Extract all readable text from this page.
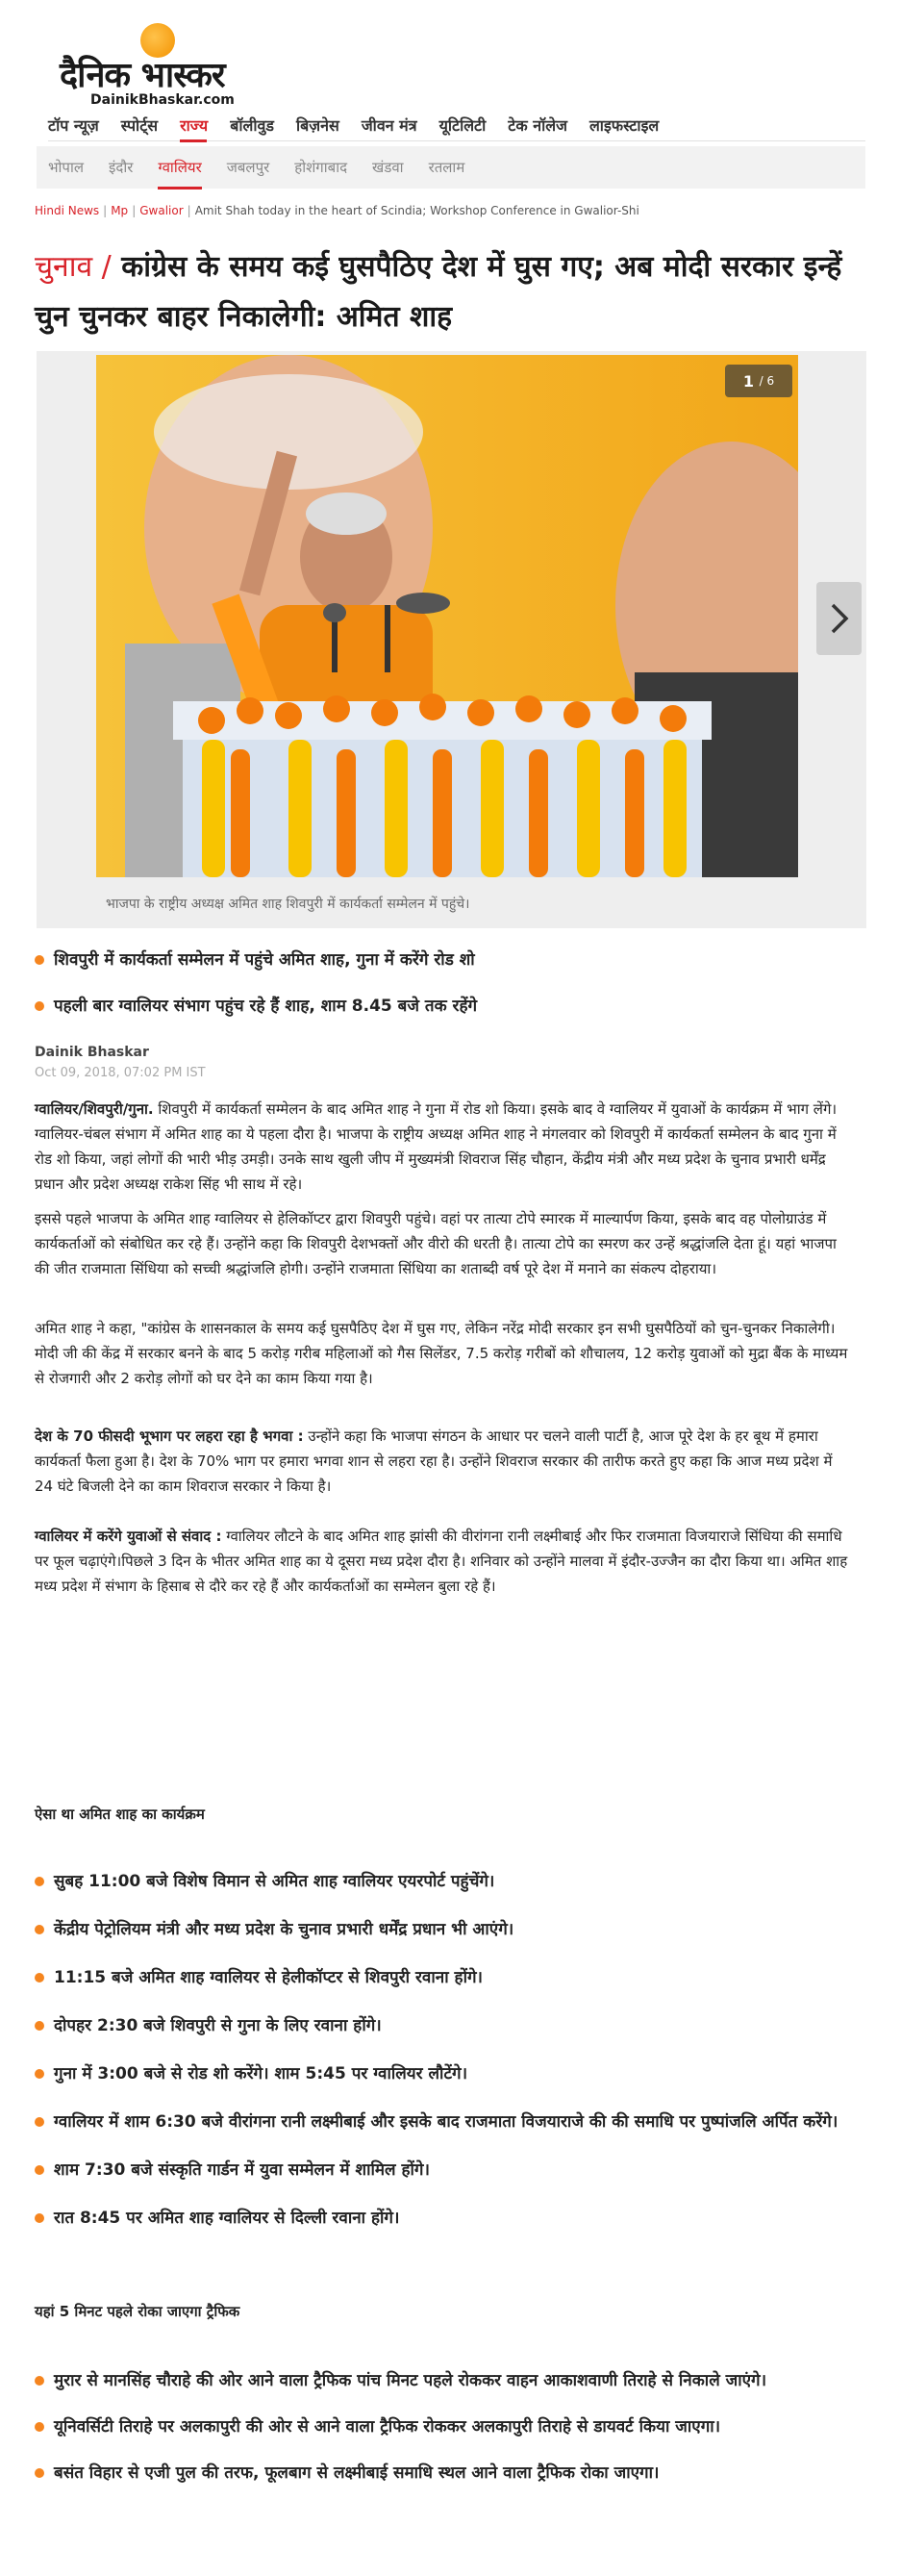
दैनिक भास्कर
DainikBhaskar.com
टॉप न्यूज़	स्पोर्ट्स	राज्य	बॉलीवुड	बिज़नेस	जीवन मंत्र	यूटिलिटी	टेक नॉलेज	लाइफस्टाइल
भोपाल इंदौर ग्वालियर जबलपुर होशंगाबाद खंडवा रतलाम
Hindi News | Mp | Gwalior | Amit Shah today in the heart of Scindia; Workshop Conference in Gwalior-Shi
चुनाव / कांग्रेस के समय कई घुसपैठिए देश में घुस गए; अब मोदी सरकार इन्हें चुन चुनकर बाहर निकालेगी: अमित शाह
1
/ 6
भाजपा के राष्ट्रीय अध्यक्ष अमित शाह शिवपुरी में कार्यकर्ता सम्मेलन में पहुंचे।
शिवपुरी में कार्यकर्ता सम्मेलन में पहुंचे अमित शाह, गुना में करेंगे रोड शो
पहली बार ग्वालियर संभाग पहुंच रहे हैं शाह, शाम 8.45 बजे तक रहेंगे
Dainik Bhaskar
Oct 09, 2018, 07:02 PM IST

ग्वालियर/शिवपुरी/गुना. शिवपुरी में कार्यकर्ता सम्मेलन के बाद अमित शाह ने गुना में रोड शो किया। इसके बाद वे ग्वालियर में युवाओं के कार्यक्रम में भाग लेंगे। ग्वालियर-चंबल संभाग में अमित शाह का ये पहला दौरा है। भाजपा के राष्ट्रीय अध्यक्ष अमित शाह ने मंगलवार को शिवपुरी में कार्यकर्ता सम्मेलन के बाद गुना में रोड शो किया, जहां लोगों की भारी भीड़ उमड़ी। उनके साथ खुली जीप में मुख्यमंत्री शिवराज सिंह चौहान, केंद्रीय मंत्री और मध्य प्रदेश के चुनाव प्रभारी धर्मेंद्र प्रधान और प्रदेश अध्यक्ष राकेश सिंह भी साथ में रहे।

इससे पहले भाजपा के अमित शाह ग्वालियर से हेलिकॉप्टर द्वारा शिवपुरी पहुंचे। वहां पर तात्या टोपे स्मारक में माल्यार्पण किया, इसके बाद वह पोलोग्राउंड में कार्यकर्ताओं को संबोधित कर रहे हैं। उन्होंने कहा कि शिवपुरी देशभक्तों और वीरो की धरती है। तात्या टोपे का स्मरण कर उन्हें श्रद्धांजलि देता हूं। यहां भाजपा की जीत राजमाता सिंधिया को सच्ची श्रद्धांजलि होगी। उन्होंने राजमाता सिंधिया का शताब्दी वर्ष पूरे देश में मनाने का संकल्प दोहराया।

अमित शाह ने कहा, "कांग्रेस के शासनकाल के समय कई घुसपैठिए देश में घुस गए, लेकिन नरेंद्र मोदी सरकार इन सभी घुसपैठियों को चुन-चुनकर निकालेगी। मोदी जी की केंद्र में सरकार बनने के बाद 5 करोड़ गरीब महिलाओं को गैस सिलेंडर, 7.5 करोड़ गरीबों को शौचालय, 12 करोड़ युवाओं को मुद्रा बैंक के माध्यम से रोजगारी और 2 करोड़ लोगों को घर देने का काम किया गया है।

देश के 70 फीसदी भूभाग पर लहरा रहा है भगवा : उन्होंने कहा कि भाजपा संगठन के आधार पर चलने वाली पार्टी है, आज पूरे देश के हर बूथ में हमारा कार्यकर्ता फैला हुआ है। देश के 70% भाग पर हमारा भगवा शान से लहरा रहा है। उन्होंने शिवराज सरकार की तारीफ करते हुए कहा कि आज मध्य प्रदेश में 24 घंटे बिजली देने का काम शिवराज सरकार ने किया है।

ग्वालियर में करेंगे युवाओं से संवाद : ग्वालियर लौटने के बाद अमित शाह झांसी की वीरांगना रानी लक्ष्मीबाई और फिर राजमाता विजयाराजे सिंधिया की समाधि पर फूल चढ़ाएंगे।पिछले 3 दिन के भीतर अमित शाह का ये दूसरा मध्य प्रदेश दौरा है। शनिवार को उन्होंने मालवा में इंदौर-उज्जैन का दौरा किया था। अमित शाह मध्य प्रदेश में संभाग के हिसाब से दौरे कर रहे हैं और कार्यकर्ताओं का सम्मेलन बुला रहे हैं।

ऐसा था अमित शाह का कार्यक्रम
सुबह 11:00 बजे विशेष विमान से अमित शाह ग्वालियर एयरपोर्ट पहुंचेंगे।
केंद्रीय पेट्रोलियम मंत्री और मध्य प्रदेश के चुनाव प्रभारी धर्मेंद्र प्रधान भी आएंगे।
11:15 बजे अमित शाह ग्वालियर से हेलीकॉप्टर से शिवपुरी रवाना होंगे।
दोपहर 2:30 बजे शिवपुरी से गुना के लिए रवाना होंगे।
गुना में 3:00 बजे से रोड शो करेंगे। शाम 5:45 पर ग्वालियर लौटेंगे।
ग्वालियर में शाम 6:30 बजे वीरांगना रानी लक्ष्मीबाई और इसके बाद राजमाता विजयाराजे की की समाधि पर पुष्पांजलि अर्पित करेंगे।
शाम 7:30 बजे संस्कृति गार्डन में युवा सम्मेलन में शामिल होंगे।
रात 8:45 पर अमित शाह ग्वालियर से दिल्ली रवाना होंगे।
यहां 5 मिनट पहले रोका जाएगा ट्रैफिक
मुरार से मानसिंह चौराहे की ओर आने वाला ट्रैफिक पांच मिनट पहले रोककर वाहन आकाशवाणी तिराहे से निकाले जाएंगे।
यूनिवर्सिटी तिराहे पर अलकापुरी की ओर से आने वाला ट्रैफिक रोककर अलकापुरी तिराहे से डायवर्ट किया जाएगा।
बसंत विहार से एजी पुल की तरफ, फूलबाग से लक्ष्मीबाई समाधि स्थल आने वाला ट्रैफिक रोका जाएगा।
